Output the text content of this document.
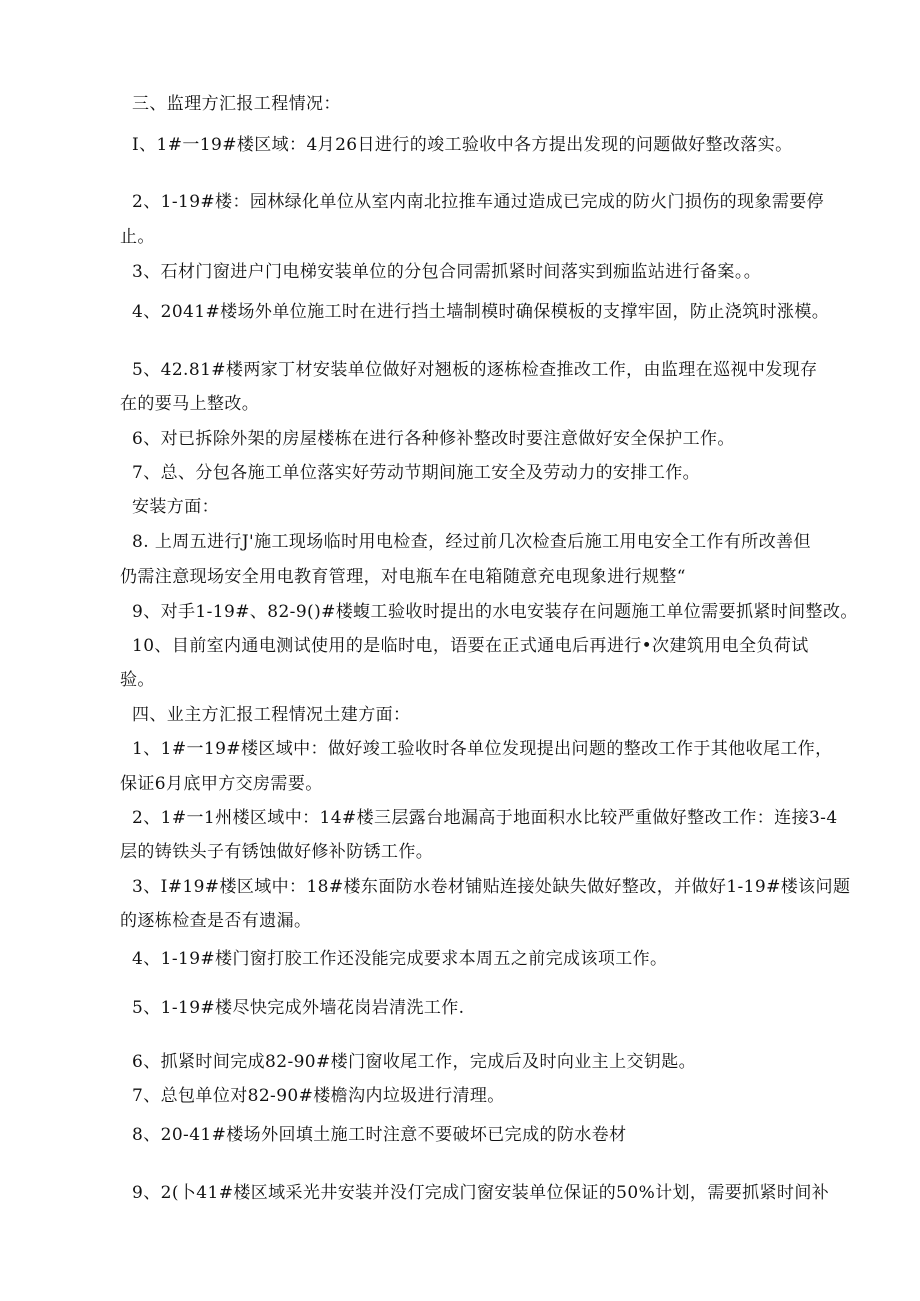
三、监理方汇报工程情况：
I、1#一19#楼区域：4月26日进行的竣工验收中各方提出发现的问题做好整改落实。
2、1-19#楼：园林绿化单位从室内南北拉推车通过造成已完成的防火门损伤的现象需要停
止。
3、石材门窗进户门电梯安装单位的分包合同需抓紧时间落实到痂监站进行备案。。
4、2041#楼场外单位施工时在进行挡土墙制模时确保模板的支撑牢固，防止浇筑时涨模。
5、42.81#楼两家丁材安装单位做好对翘板的逐栋检查推改工作，由监理在巡视中发现存
在的要马上整改。
6、对已拆除外架的房屋楼栋在进行各种修补整改时要注意做好安全保护工作。
7、总、分包各施工单位落实好劳动节期间施工安全及劳动力的安排工作。
安装方面：
8. 上周五进行J'施工现场临时用电检查，经过前几次检查后施工用电安全工作有所改善但
仍需注意现场安全用电教育管理，对电瓶车在电箱随意充电现象进行规整“
9、对手1-19#、82-9()#楼蝮工验收时提出的水电安装存在问题施工单位需要抓紧时间整改。
10、目前室内通电测试使用的是临时电，语要在正式通电后再进行•次建筑用电全负荷试
验。
四、业主方汇报工程情况土建方面：
1、1#一19#楼区域中：做好竣工验收时各单位发现提出问题的整改工作于其他收尾工作，
保证6月底甲方交房需要。
2、1#一1州楼区域中：14#楼三层露台地漏高于地面积水比较严重做好整改工作：连接3-4
层的铸铁头子有锈蚀做好修补防锈工作。
3、I#19#楼区域中：18#楼东面防水卷材铺贴连接处缺失做好整改，并做好1-19#楼该问题
的逐栋检查是否有遗漏。
4、1-19#楼门窗打胶工作还没能完成要求本周五之前完成该项工作。
5、1-19#楼尽快完成外墙花岗岩清洗工作.
6、抓紧时间完成82-90#楼门窗收尾工作，完成后及时向业主上交钥匙。
7、总包单位对82-90#楼檐沟内垃圾进行清理。
8、20-41#楼场外回填土施工时注意不要破坏已完成的防水卷材
9、2(卜41#楼区域采光井安装并没仃完成门窗安装单位保证的50%计划，需要抓紧时间补
